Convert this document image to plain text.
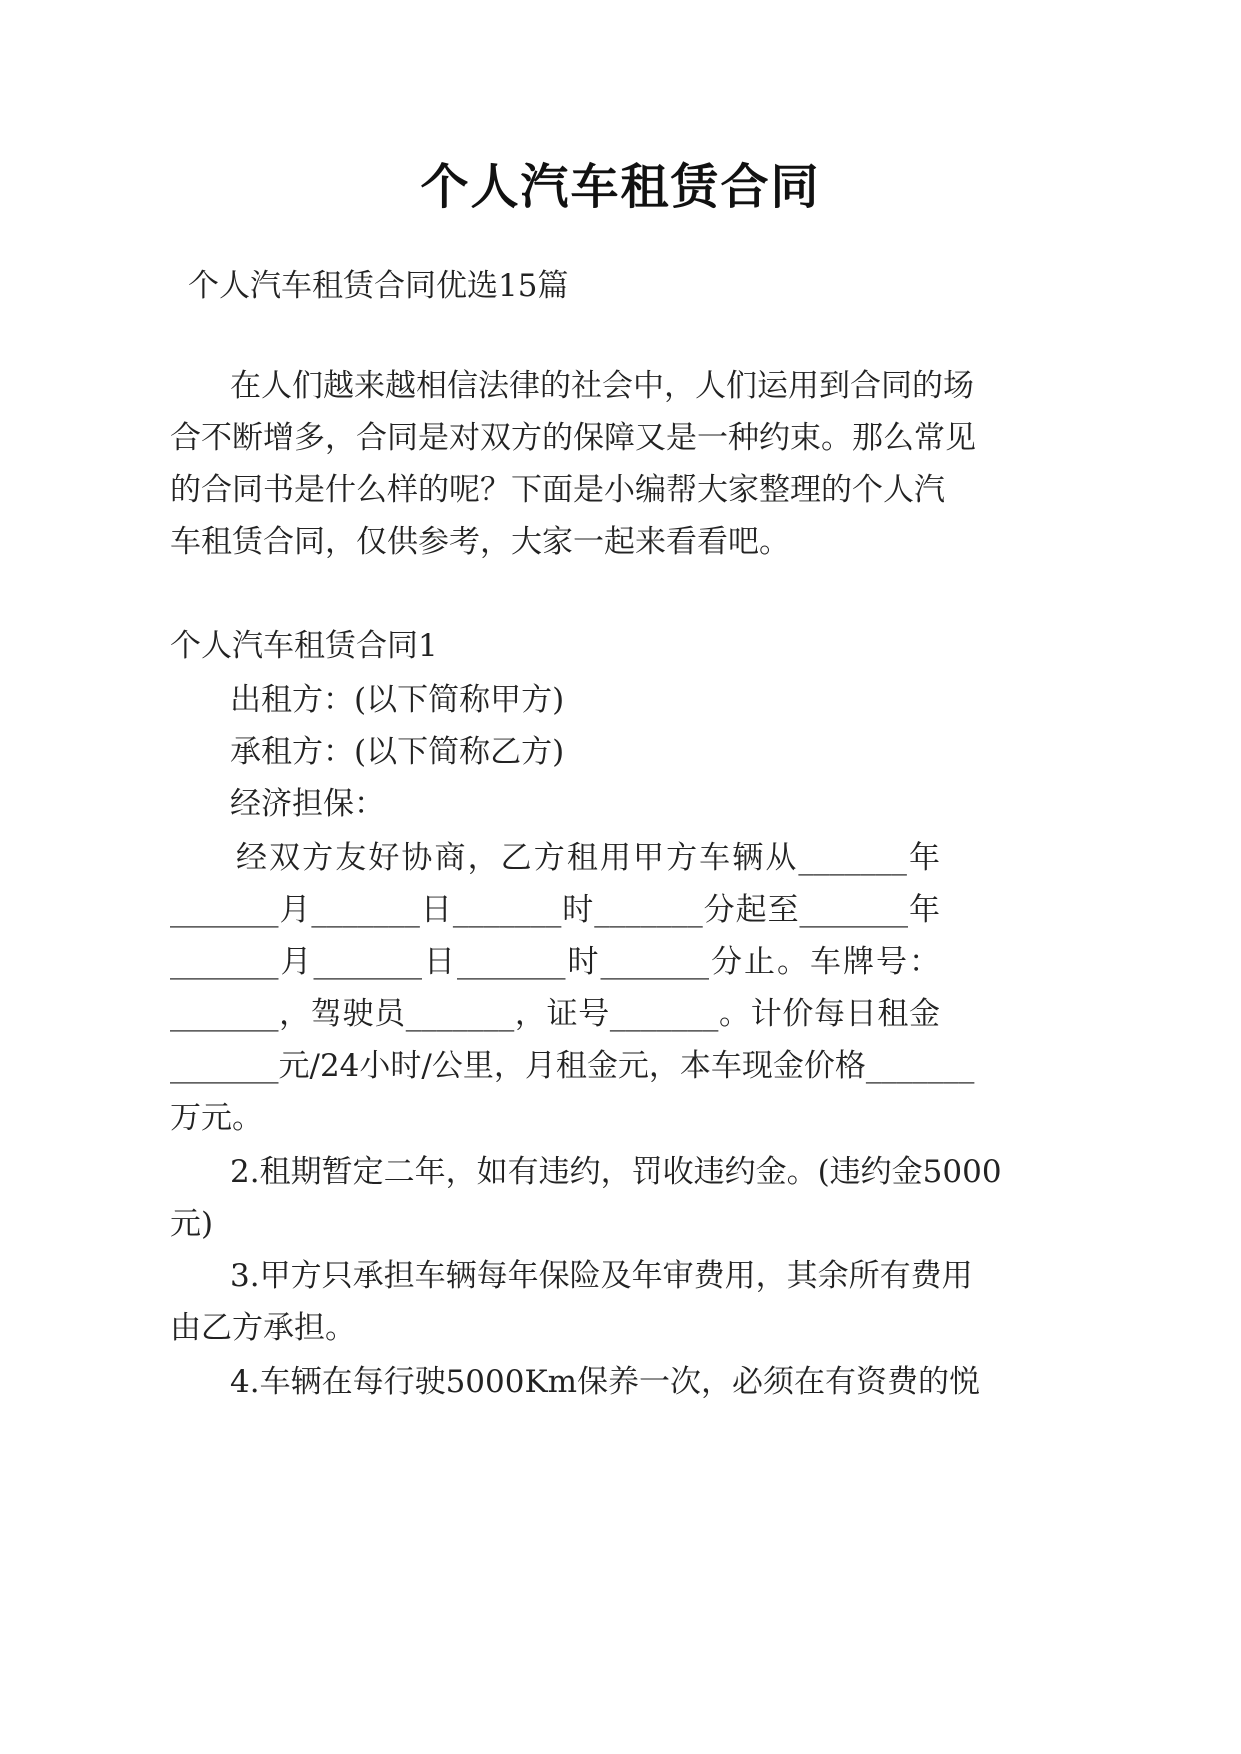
个人汽车租赁合同
个人汽车租赁合同优选15篇
在人们越来越相信法律的社会中，人们运用到合同的场
合不断增多，合同是对双方的保障又是一种约束。那么常见
的合同书是什么样的呢？下面是小编帮大家整理的个人汽
车租赁合同，仅供参考，大家一起来看看吧。
个人汽车租赁合同1
出租方：(以下简称甲方)
承租方：(以下简称乙方)
经济担保：
经双方友好协商，乙方租用甲方车辆从_______年
_______月_______日_______时_______分起至_______年
_______月_______日_______时_______分止。车牌号：
_______，驾驶员_______，证号_______。计价每日租金
_______元/24小时/公里，月租金元，本车现金价格_______
万元。
2.租期暂定二年，如有违约，罚收违约金。(违约金5000
元)
3.甲方只承担车辆每年保险及年审费用，其余所有费用
由乙方承担。
4.车辆在每行驶5000Km保养一次，必须在有资费的悦
